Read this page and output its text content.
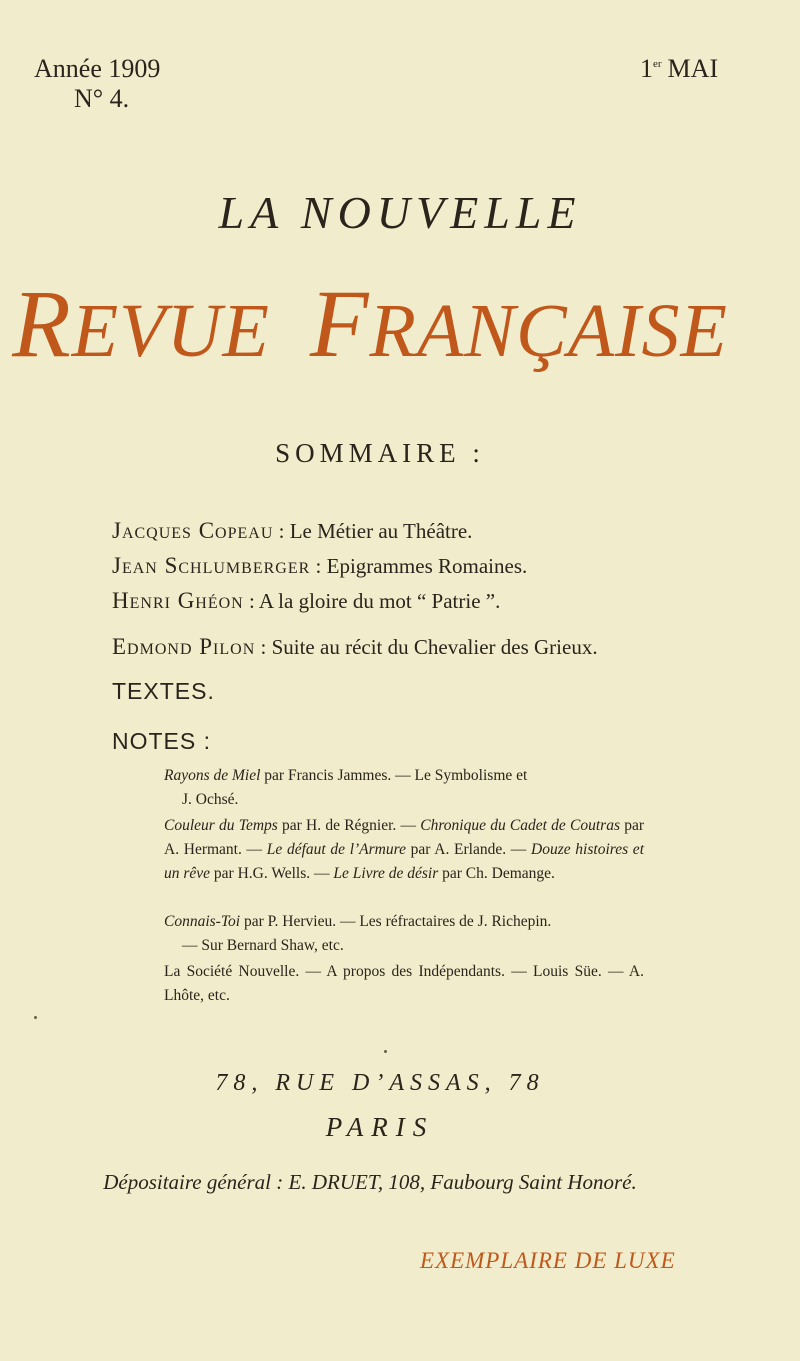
Année 1909
N° 4.
1er MAI
LA NOUVELLE
REVUE FRANÇAISE
SOMMAIRE :
Jacques Copeau : Le Métier au Théâtre.
Jean Schlumberger : Epigrammes Romaines.
Henri Ghéon : A la gloire du mot “ Patrie ”.
Edmond Pilon : Suite au récit du Chevalier des Grieux.
TEXTES.
NOTES :
Rayons de Miel par Francis Jammes. — Le Symbolisme et
J. Ochsé.
Couleur du Temps par H. de Régnier. — Chronique du Cadet de Coutras par A. Hermant. — Le défaut de l’Armure par A. Erlande. — Douze histoires et un rêve par H.G. Wells. — Le Livre de désir par Ch. Demange.
Connais-Toi par P. Hervieu. — Les réfractaires de J. Richepin.
— Sur Bernard Shaw, etc.
La Société Nouvelle. — A propos des Indépendants. — Louis Süe. — A. Lhôte, etc.
78, RUE D’ASSAS, 78
PARIS
Dépositaire général : E. DRUET, 108, Faubourg Saint Honoré.
EXEMPLAIRE DE LUXE
